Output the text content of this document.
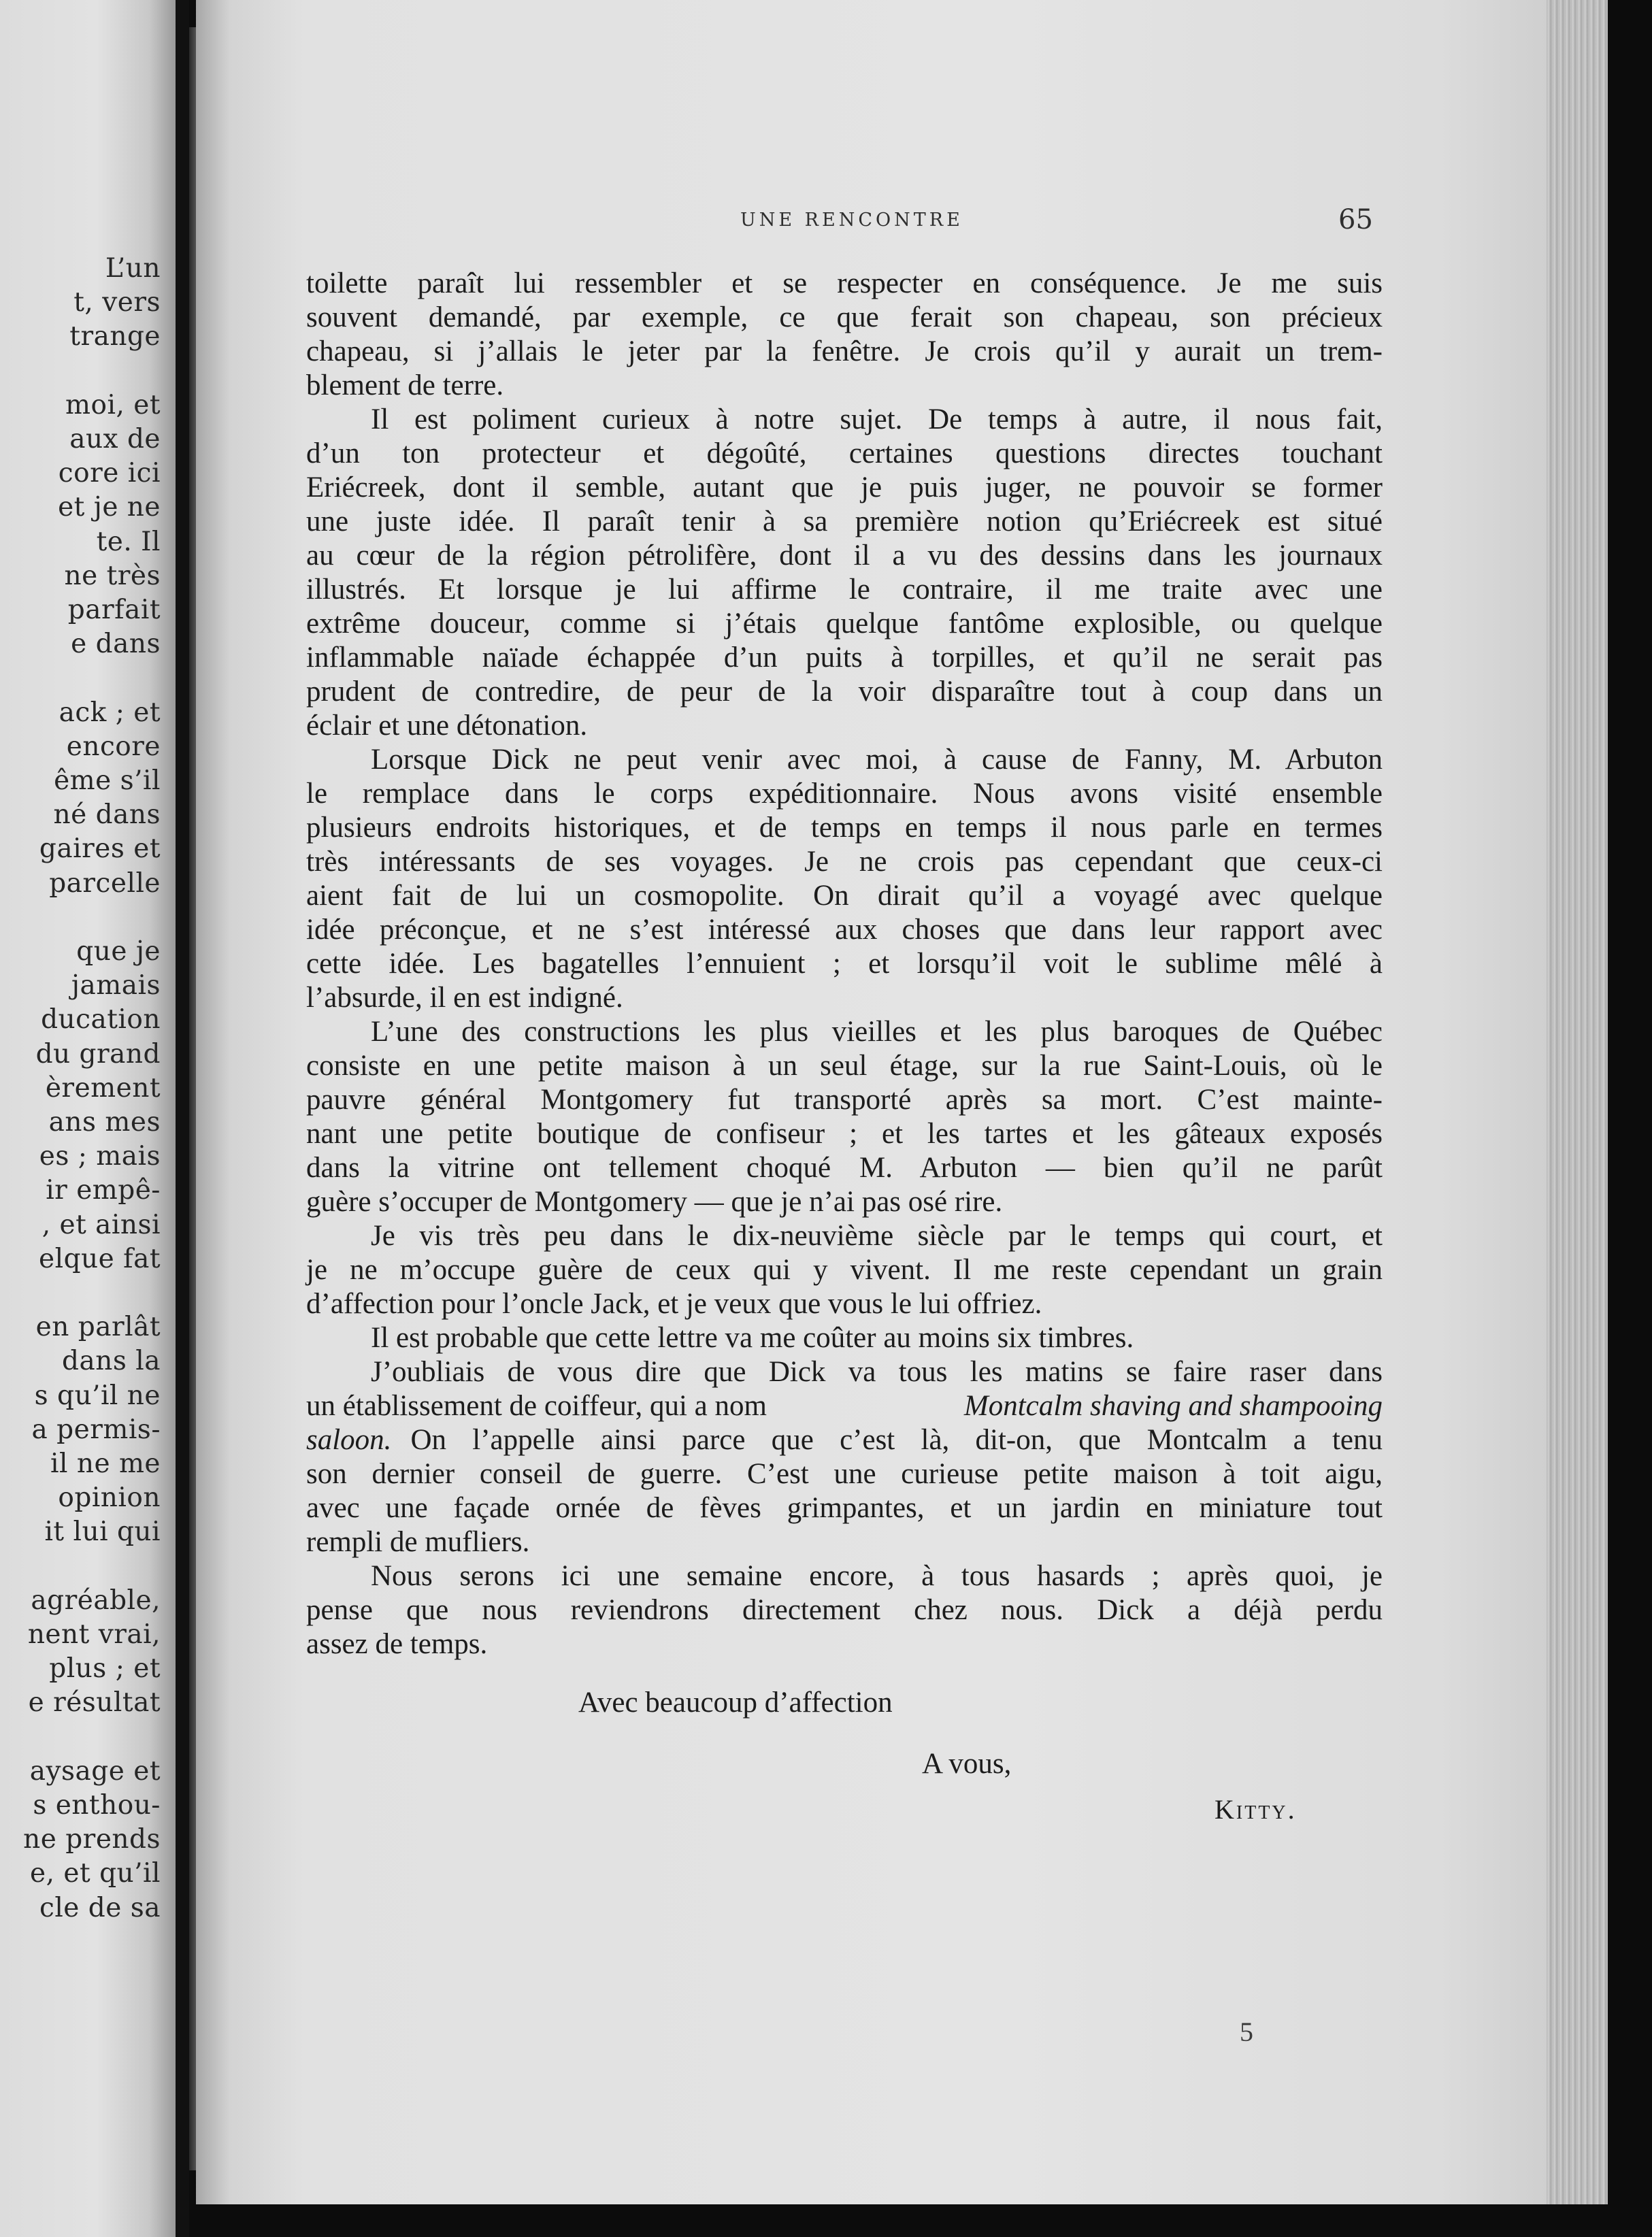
L’un
t, vers
trange
moi, et
aux de
core ici
et je ne
te. Il
ne très
parfait
e dans
ack ; et
encore
ême s’il
né dans
gaires et
parcelle
que je
jamais
ducation
du grand
èrement
ans mes
es ; mais
ir empê-
, et ainsi
elque fat
en parlât
dans la
s qu’il ne
a permis-
il ne me
opinion
it lui qui
agréable,
nent vrai,
plus ; et
e résultat
aysage et
s enthou-
ne prends
e, et qu’il
cle de sa
UNE RENCONTRE	65
toilette paraît lui ressembler et se respecter en conséquence. Je me suis
souvent demandé, par exemple, ce que ferait son chapeau, son précieux
chapeau, si j’allais le jeter par la fenêtre. Je crois qu’il y aurait un trem-
blement de terre.
Il est poliment curieux à notre sujet. De temps à autre, il nous fait,
d’un ton protecteur et dégoûté, certaines questions directes touchant
Eriécreek, dont il semble, autant que je puis juger, ne pouvoir se former
une juste idée. Il paraît tenir à sa première notion qu’Eriécreek est situé
au cœur de la région pétrolifère, dont il a vu des dessins dans les journaux
illustrés. Et lorsque je lui affirme le contraire, il me traite avec une
extrême douceur, comme si j’étais quelque fantôme explosible, ou quelque
inflammable naïade échappée d’un puits à torpilles, et qu’il ne serait pas
prudent de contredire, de peur de la voir disparaître tout à coup dans un
éclair et une détonation.
Lorsque Dick ne peut venir avec moi, à cause de Fanny, M. Arbuton
le remplace dans le corps expéditionnaire. Nous avons visité ensemble
plusieurs endroits historiques, et de temps en temps il nous parle en termes
très intéressants de ses voyages. Je ne crois pas cependant que ceux-ci
aient fait de lui un cosmopolite. On dirait qu’il a voyagé avec quelque
idée préconçue, et ne s’est intéressé aux choses que dans leur rapport avec
cette idée. Les bagatelles l’ennuient ; et lorsqu’il voit le sublime mêlé à
l’absurde, il en est indigné.
L’une des constructions les plus vieilles et les plus baroques de Québec
consiste en une petite maison à un seul étage, sur la rue Saint-Louis, où le
pauvre général Montgomery fut transporté après sa mort. C’est mainte-
nant une petite boutique de confiseur ; et les tartes et les gâteaux exposés
dans la vitrine ont tellement choqué M. Arbuton — bien qu’il ne parût
guère s’occuper de Montgomery — que je n’ai pas osé rire.
Je vis très peu dans le dix-neuvième siècle par le temps qui court, et
je ne m’occupe guère de ceux qui y vivent. Il me reste cependant un grain
d’affection pour l’oncle Jack, et je veux que vous le lui offriez.
Il est probable que cette lettre va me coûter au moins six timbres.
J’oubliais de vous dire que Dick va tous les matins se faire raser dans
un établissement de coiffeur, qui a nom	Montcalm shaving and shampooing
saloon. On l’appelle ainsi parce que c’est là, dit-on, que Montcalm a tenu
son dernier conseil de guerre. C’est une curieuse petite maison à toit aigu,
avec une façade ornée de fèves grimpantes, et un jardin en miniature tout
rempli de mufliers.
Nous serons ici une semaine encore, à tous hasards ; après quoi, je
pense que nous reviendrons directement chez nous. Dick a déjà perdu
assez de temps.
Avec beaucoup d’affection
A vous,
Kitty.
5
